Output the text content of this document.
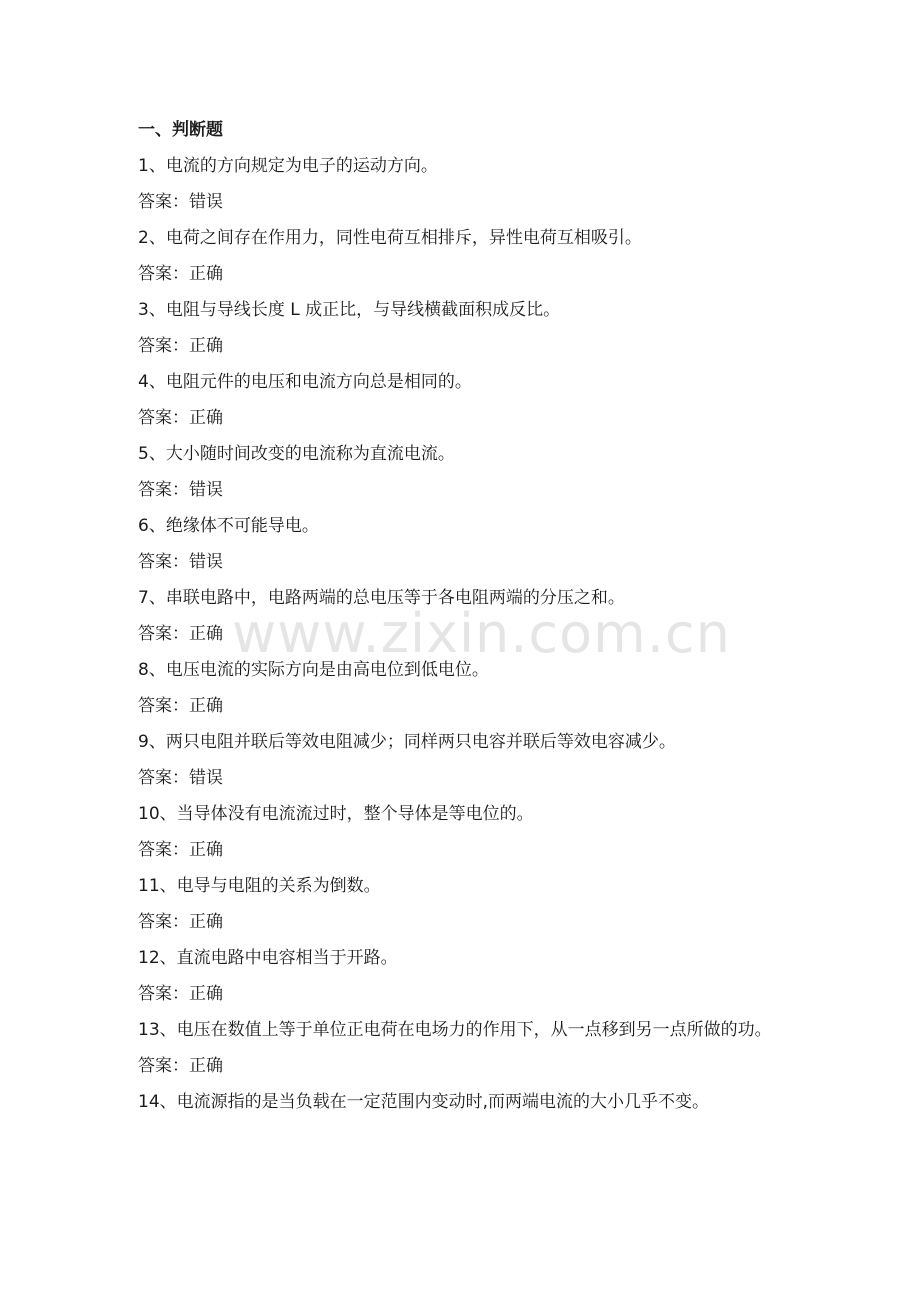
一、判断题
1、电流的方向规定为电子的运动方向。
答案：错误
2、电荷之间存在作用力，同性电荷互相排斥，异性电荷互相吸引。
答案：正确
3、电阻与导线长度 L 成正比，与导线横截面积成反比。
答案：正确
4、电阻元件的电压和电流方向总是相同的。
答案：正确
5、大小随时间改变的电流称为直流电流。
答案：错误
6、绝缘体不可能导电。
答案：错误
7、串联电路中，电路两端的总电压等于各电阻两端的分压之和。
答案：正确
8、电压电流的实际方向是由高电位到低电位。
答案：正确
9、两只电阻并联后等效电阻减少；同样两只电容并联后等效电容减少。
答案：错误
10、当导体没有电流流过时，整个导体是等电位的。
答案：正确
11、电导与电阻的关系为倒数。
答案：正确
12、直流电路中电容相当于开路。
答案：正确
13、电压在数值上等于单位正电荷在电场力的作用下，从一点移到另一点所做的功。
答案：正确
14、电流源指的是当负载在一定范围内变动时,而两端电流的大小几乎不变。
www.zixin.com.cn
